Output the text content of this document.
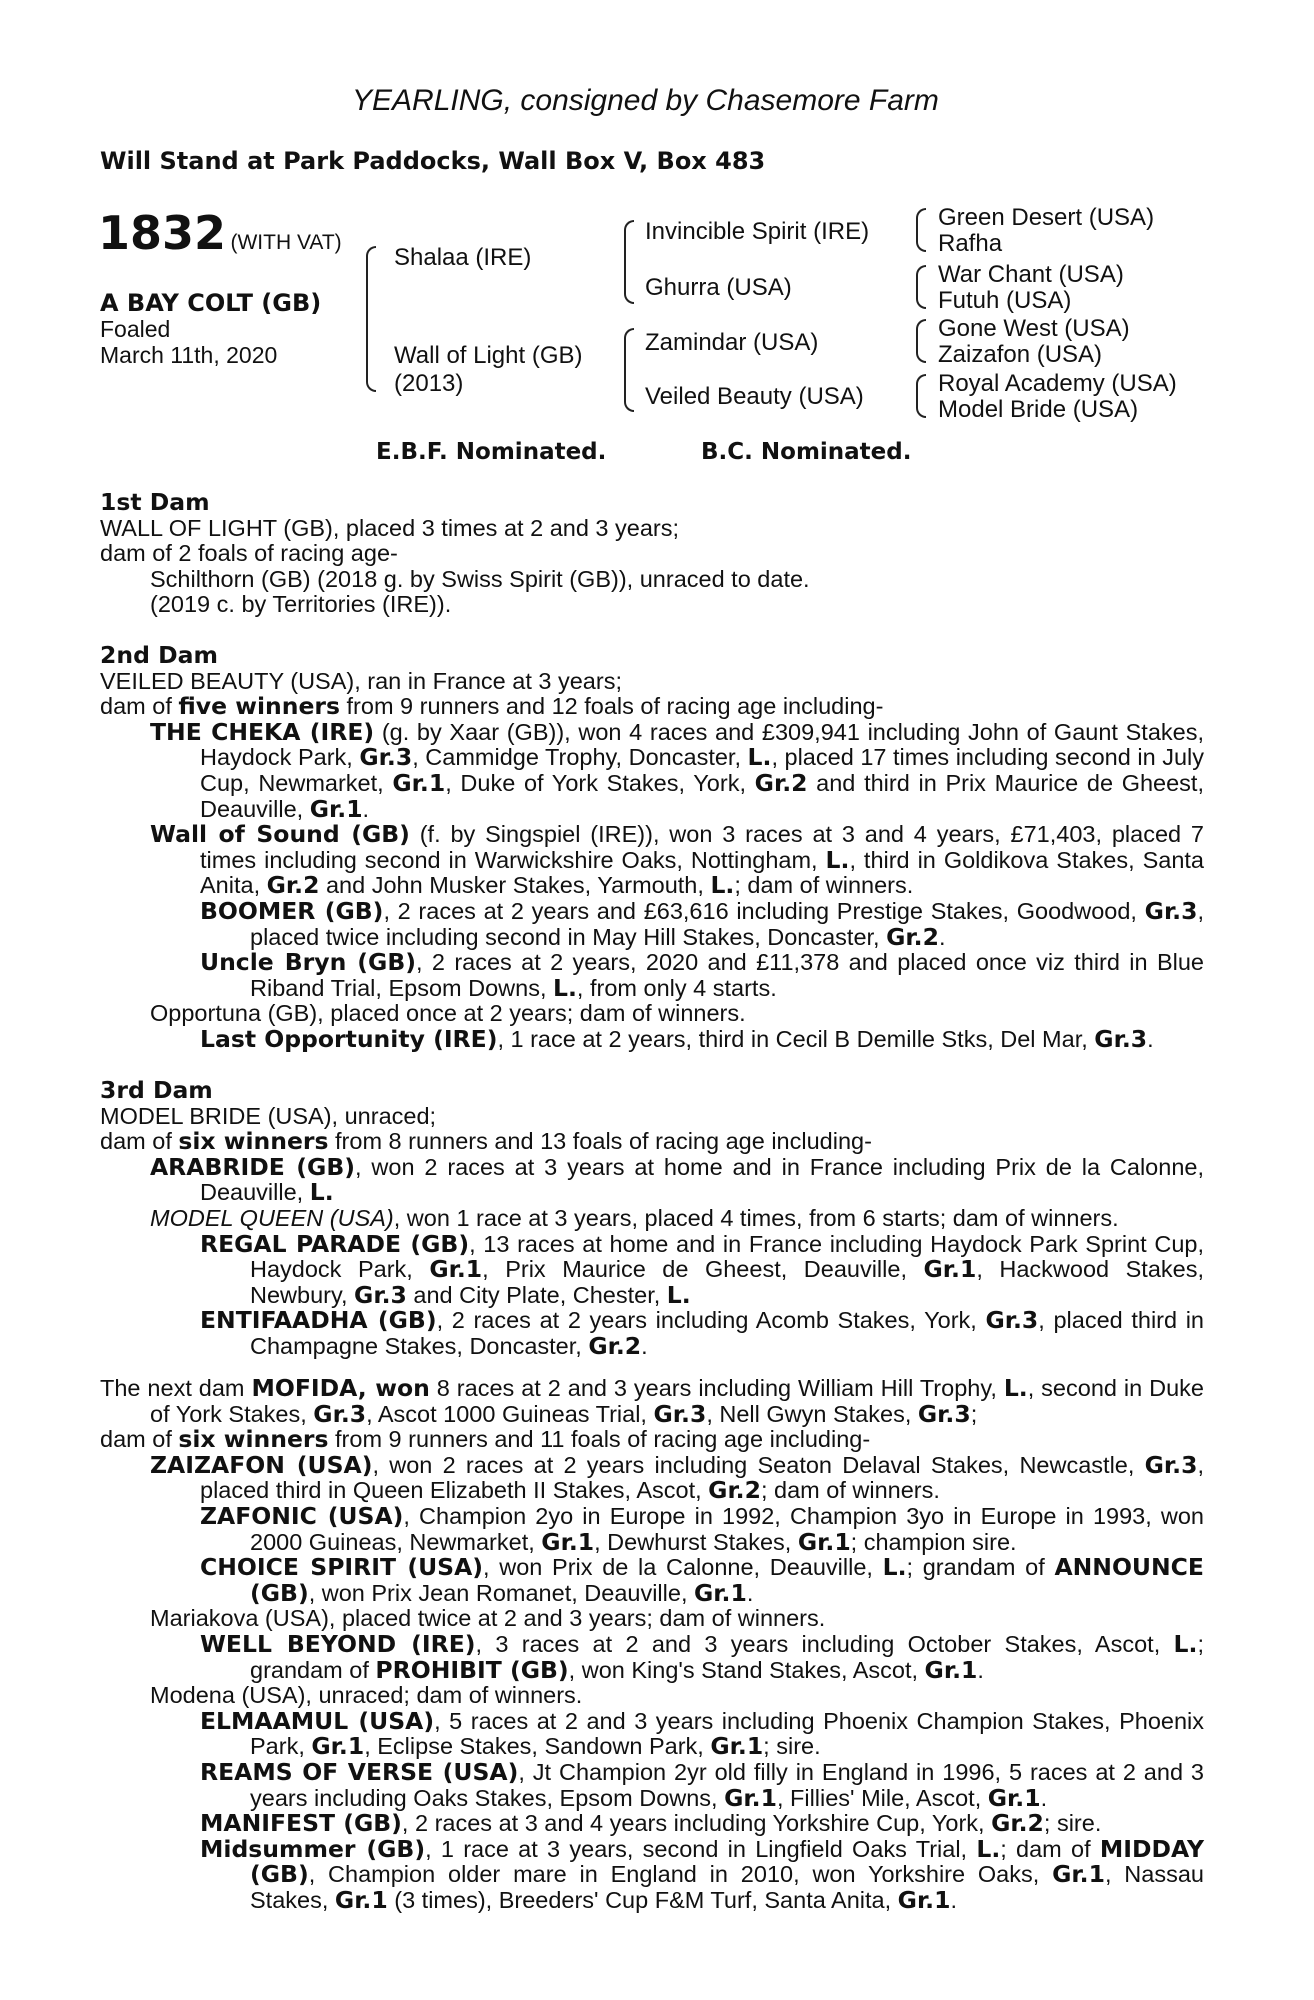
YEARLING, consigned by Chasemore Farm
Will Stand at Park Paddocks, Wall Box V, Box 483
1832 (WITH VAT)
A BAY COLT (GB)
Foaled
March 11th, 2020
Shalaa (IRE)
Wall of Light (GB)
(2013)
Invincible Spirit (IRE)
Ghurra (USA)
Zamindar (USA)
Veiled Beauty (USA)
Green Desert (USA)
Rafha
War Chant (USA)
Futuh (USA)
Gone West (USA)
Zaizafon (USA)
Royal Academy (USA)
Model Bride (USA)
E.B.F. Nominated.	B.C. Nominated.

1st Dam

WALL OF LIGHT (GB), placed 3 times at 2 and 3 years;

dam of 2 foals of racing age-

Schilthorn (GB) (2018 g. by Swiss Spirit (GB)), unraced to date.

(2019 c. by Territories (IRE)).

2nd Dam

VEILED BEAUTY (USA), ran in France at 3 years;

dam of five winners from 9 runners and 12 foals of racing age including-

THE CHEKA (IRE) (g. by Xaar (GB)), won 4 races and £309,941 including John of Gaunt Stakes, Haydock Park, Gr.3, Cammidge Trophy, Doncaster, L., placed 17 times including second in July Cup, Newmarket, Gr.1, Duke of York Stakes, York, Gr.2 and third in Prix Maurice de Gheest, Deauville, Gr.1.

Wall of Sound (GB) (f. by Singspiel (IRE)), won 3 races at 3 and 4 years, £71,403, placed 7 times including second in Warwickshire Oaks, Nottingham, L., third in Goldikova Stakes, Santa Anita, Gr.2 and John Musker Stakes, Yarmouth, L.; dam of winners.

BOOMER (GB), 2 races at 2 years and £63,616 including Prestige Stakes, Goodwood, Gr.3, placed twice including second in May Hill Stakes, Doncaster, Gr.2.

Uncle Bryn (GB), 2 races at 2 years, 2020 and £11,378 and placed once viz third in Blue Riband Trial, Epsom Downs, L., from only 4 starts.

Opportuna (GB), placed once at 2 years; dam of winners.

Last Opportunity (IRE), 1 race at 2 years, third in Cecil B Demille Stks, Del Mar, Gr.3.

3rd Dam

MODEL BRIDE (USA), unraced;

dam of six winners from 8 runners and 13 foals of racing age including-

ARABRIDE (GB), won 2 races at 3 years at home and in France including Prix de la Calonne, Deauville, L.

MODEL QUEEN (USA), won 1 race at 3 years, placed 4 times, from 6 starts; dam of winners.

REGAL PARADE (GB), 13 races at home and in France including Haydock Park Sprint Cup, Haydock Park, Gr.1, Prix Maurice de Gheest, Deauville, Gr.1, Hackwood Stakes, Newbury, Gr.3 and City Plate, Chester, L.

ENTIFAADHA (GB), 2 races at 2 years including Acomb Stakes, York, Gr.3, placed third in Champagne Stakes, Doncaster, Gr.2.

The next dam MOFIDA, won 8 races at 2 and 3 years including William Hill Trophy, L., second in Duke of York Stakes, Gr.3, Ascot 1000 Guineas Trial, Gr.3, Nell Gwyn Stakes, Gr.3;

dam of six winners from 9 runners and 11 foals of racing age including-

ZAIZAFON (USA), won 2 races at 2 years including Seaton Delaval Stakes, Newcastle, Gr.3, placed third in Queen Elizabeth II Stakes, Ascot, Gr.2; dam of winners.

ZAFONIC (USA), Champion 2yo in Europe in 1992, Champion 3yo in Europe in 1993, won 2000 Guineas, Newmarket, Gr.1, Dewhurst Stakes, Gr.1; champion sire.

CHOICE SPIRIT (USA), won Prix de la Calonne, Deauville, L.; grandam of ANNOUNCE (GB), won Prix Jean Romanet, Deauville, Gr.1.

Mariakova (USA), placed twice at 2 and 3 years; dam of winners.

WELL BEYOND (IRE), 3 races at 2 and 3 years including October Stakes, Ascot, L.; grandam of PROHIBIT (GB), won King's Stand Stakes, Ascot, Gr.1.

Modena (USA), unraced; dam of winners.

ELMAAMUL (USA), 5 races at 2 and 3 years including Phoenix Champion Stakes, Phoenix Park, Gr.1, Eclipse Stakes, Sandown Park, Gr.1; sire.

REAMS OF VERSE (USA), Jt Champion 2yr old filly in England in 1996, 5 races at 2 and 3 years including Oaks Stakes, Epsom Downs, Gr.1, Fillies' Mile, Ascot, Gr.1.

MANIFEST (GB), 2 races at 3 and 4 years including Yorkshire Cup, York, Gr.2; sire.

Midsummer (GB), 1 race at 3 years, second in Lingfield Oaks Trial, L.; dam of MIDDAY (GB), Champion older mare in England in 2010, won Yorkshire Oaks, Gr.1, Nassau Stakes, Gr.1 (3 times), Breeders' Cup F&M Turf, Santa Anita, Gr.1.
